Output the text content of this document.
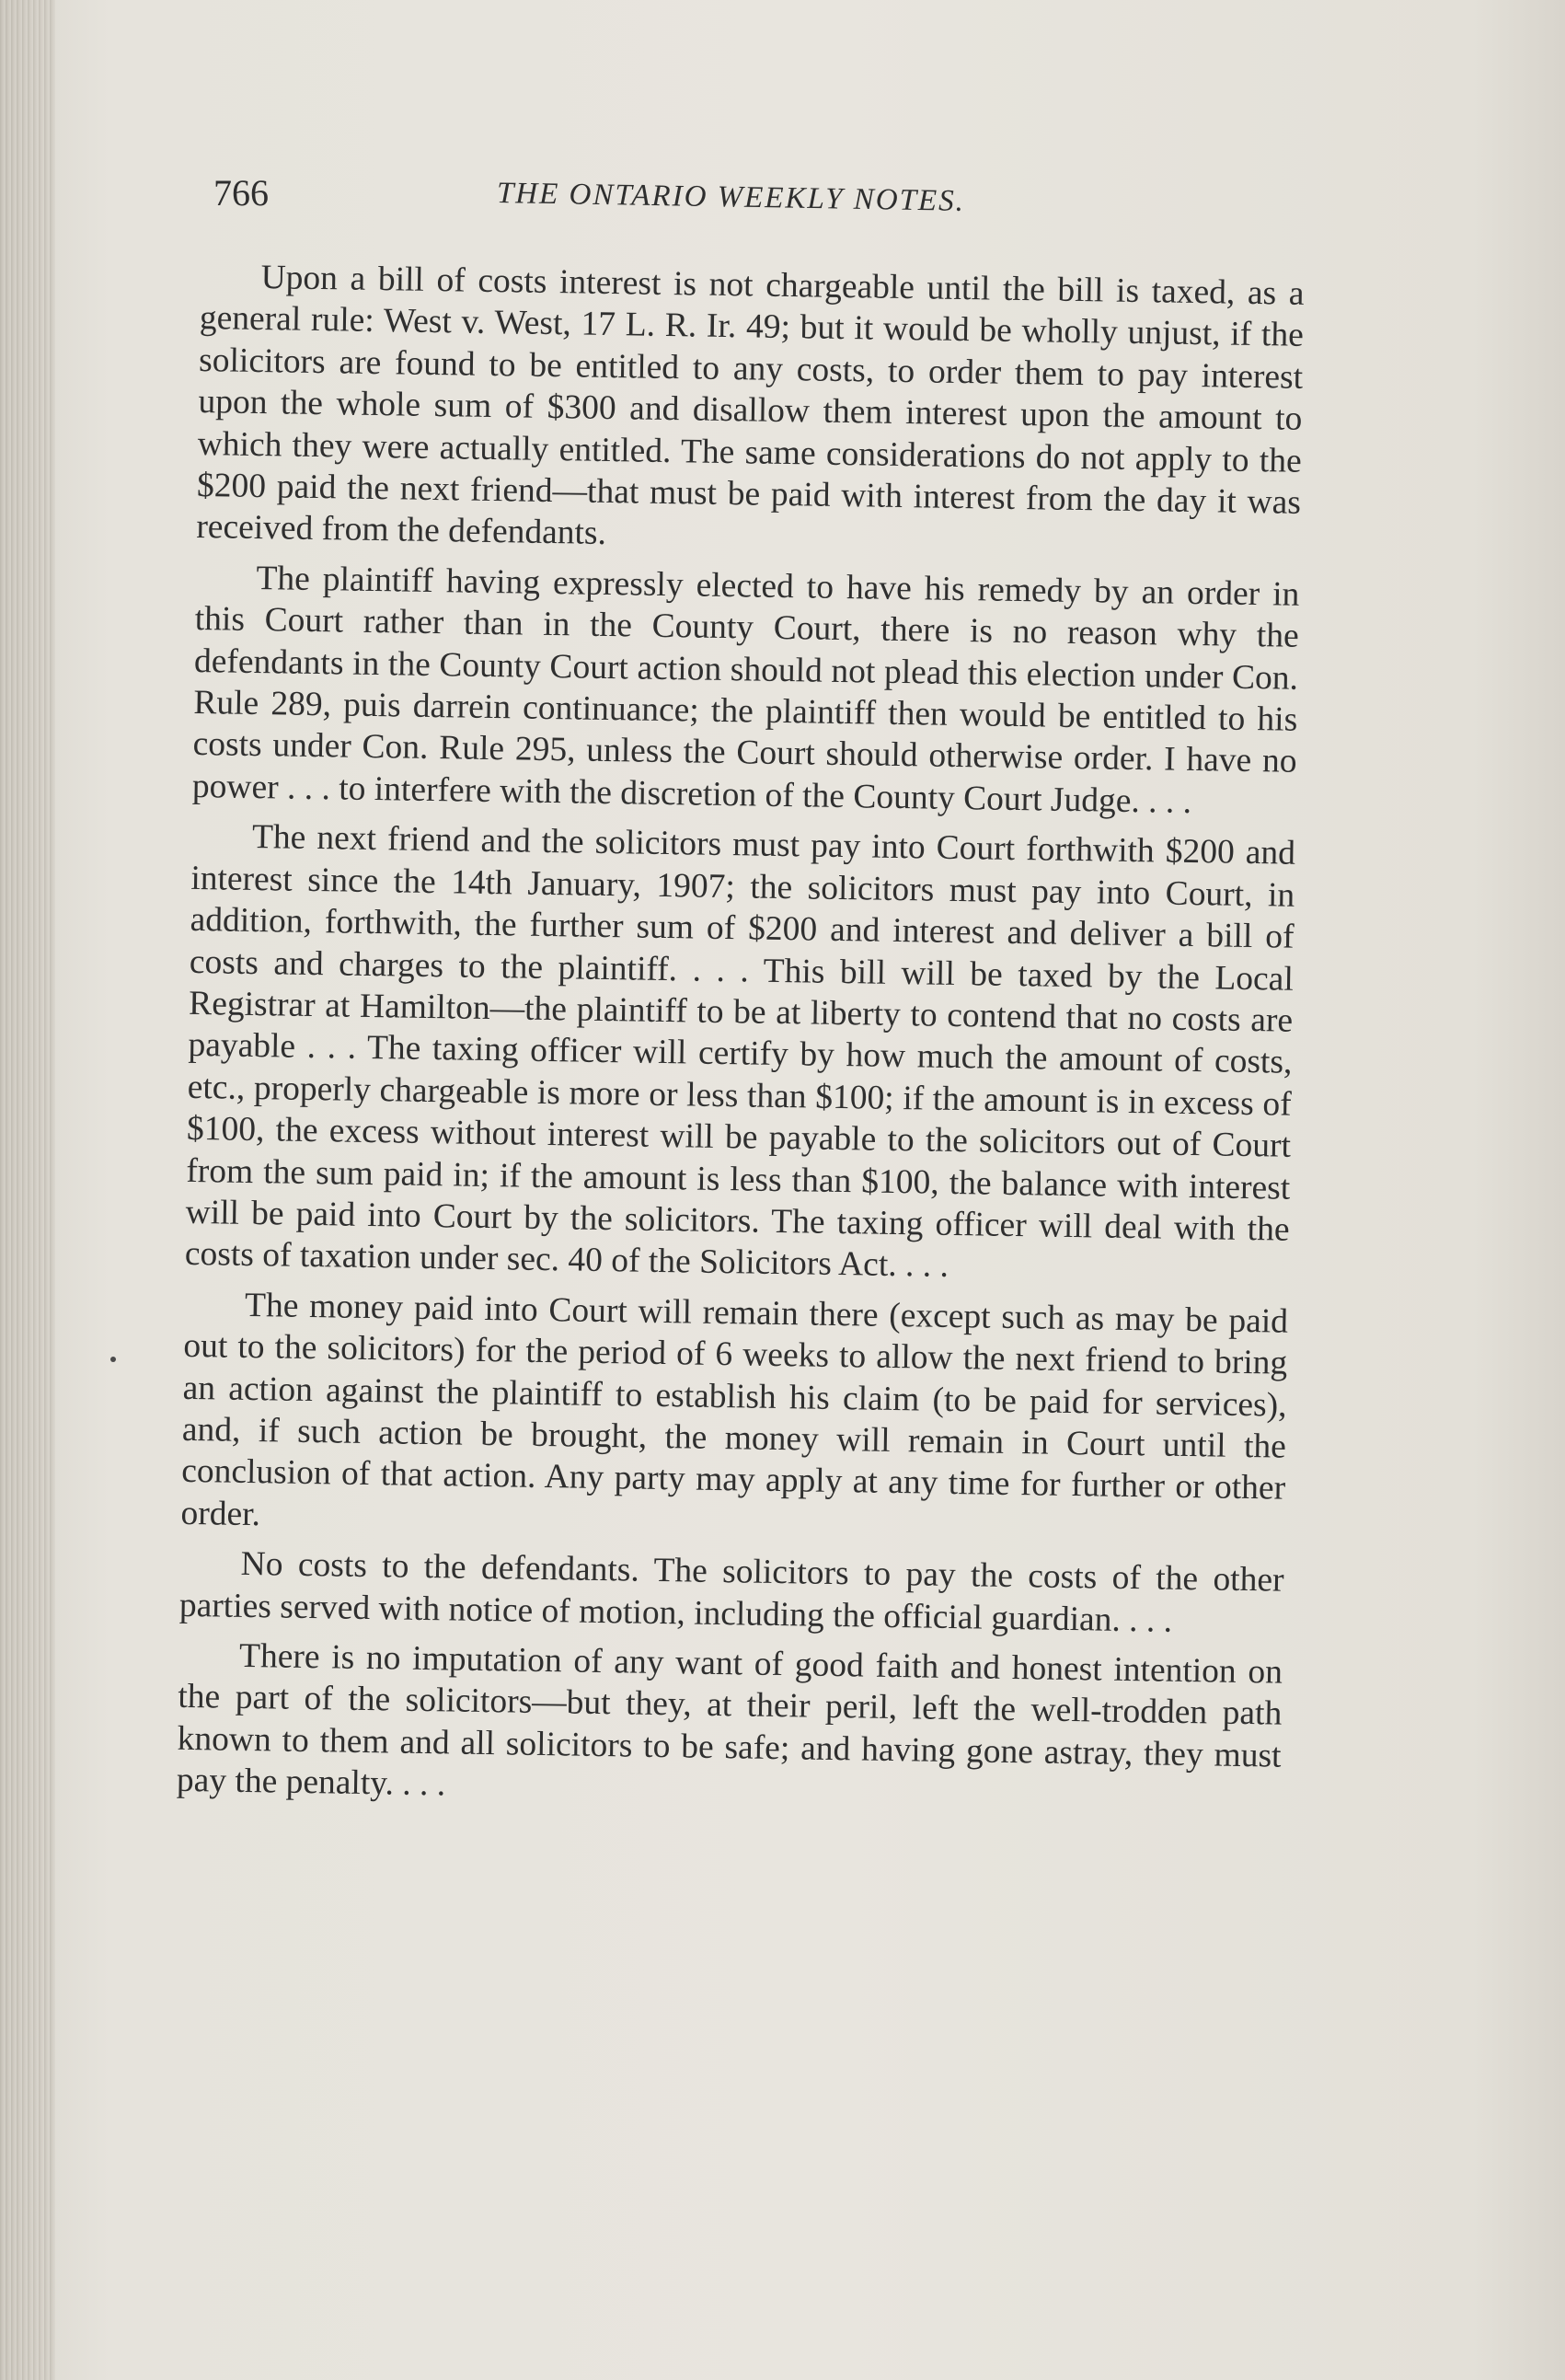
766	THE ONTARIO WEEKLY NOTES.

Upon a bill of costs interest is not chargeable until the bill is taxed, as a general rule: West v. West, 17 L. R. Ir. 49; but it would be wholly unjust, if the solicitors are found to be entitled to any costs, to order them to pay interest upon the whole sum of $300 and disallow them interest upon the amount to which they were actually entitled. The same considerations do not apply to the $200 paid the next friend—that must be paid with interest from the day it was received from the defendants.

The plaintiff having expressly elected to have his remedy by an order in this Court rather than in the County Court, there is no reason why the defendants in the County Court action should not plead this election under Con. Rule 289, puis darrein continuance; the plaintiff then would be entitled to his costs under Con. Rule 295, unless the Court should otherwise order. I have no power . . . to interfere with the discretion of the County Court Judge. . . .

The next friend and the solicitors must pay into Court forthwith $200 and interest since the 14th January, 1907; the solicitors must pay into Court, in addition, forthwith, the further sum of $200 and interest and deliver a bill of costs and charges to the plaintiff. . . . This bill will be taxed by the Local Registrar at Hamilton—the plaintiff to be at liberty to contend that no costs are payable . . . The taxing officer will certify by how much the amount of costs, etc., properly chargeable is more or less than $100; if the amount is in excess of $100, the excess without interest will be payable to the solicitors out of Court from the sum paid in; if the amount is less than $100, the balance with interest will be paid into Court by the solicitors. The taxing officer will deal with the costs of taxation under sec. 40 of the Solicitors Act. . . .

The money paid into Court will remain there (except such as may be paid out to the solicitors) for the period of 6 weeks to allow the next friend to bring an action against the plaintiff to establish his claim (to be paid for services), and, if such action be brought, the money will remain in Court until the conclusion of that action. Any party may apply at any time for further or other order.

No costs to the defendants. The solicitors to pay the costs of the other parties served with notice of motion, including the official guardian. . . .

There is no imputation of any want of good faith and honest intention on the part of the solicitors—but they, at their peril, left the well-trodden path known to them and all solicitors to be safe; and having gone astray, they must pay the penalty. . . .
